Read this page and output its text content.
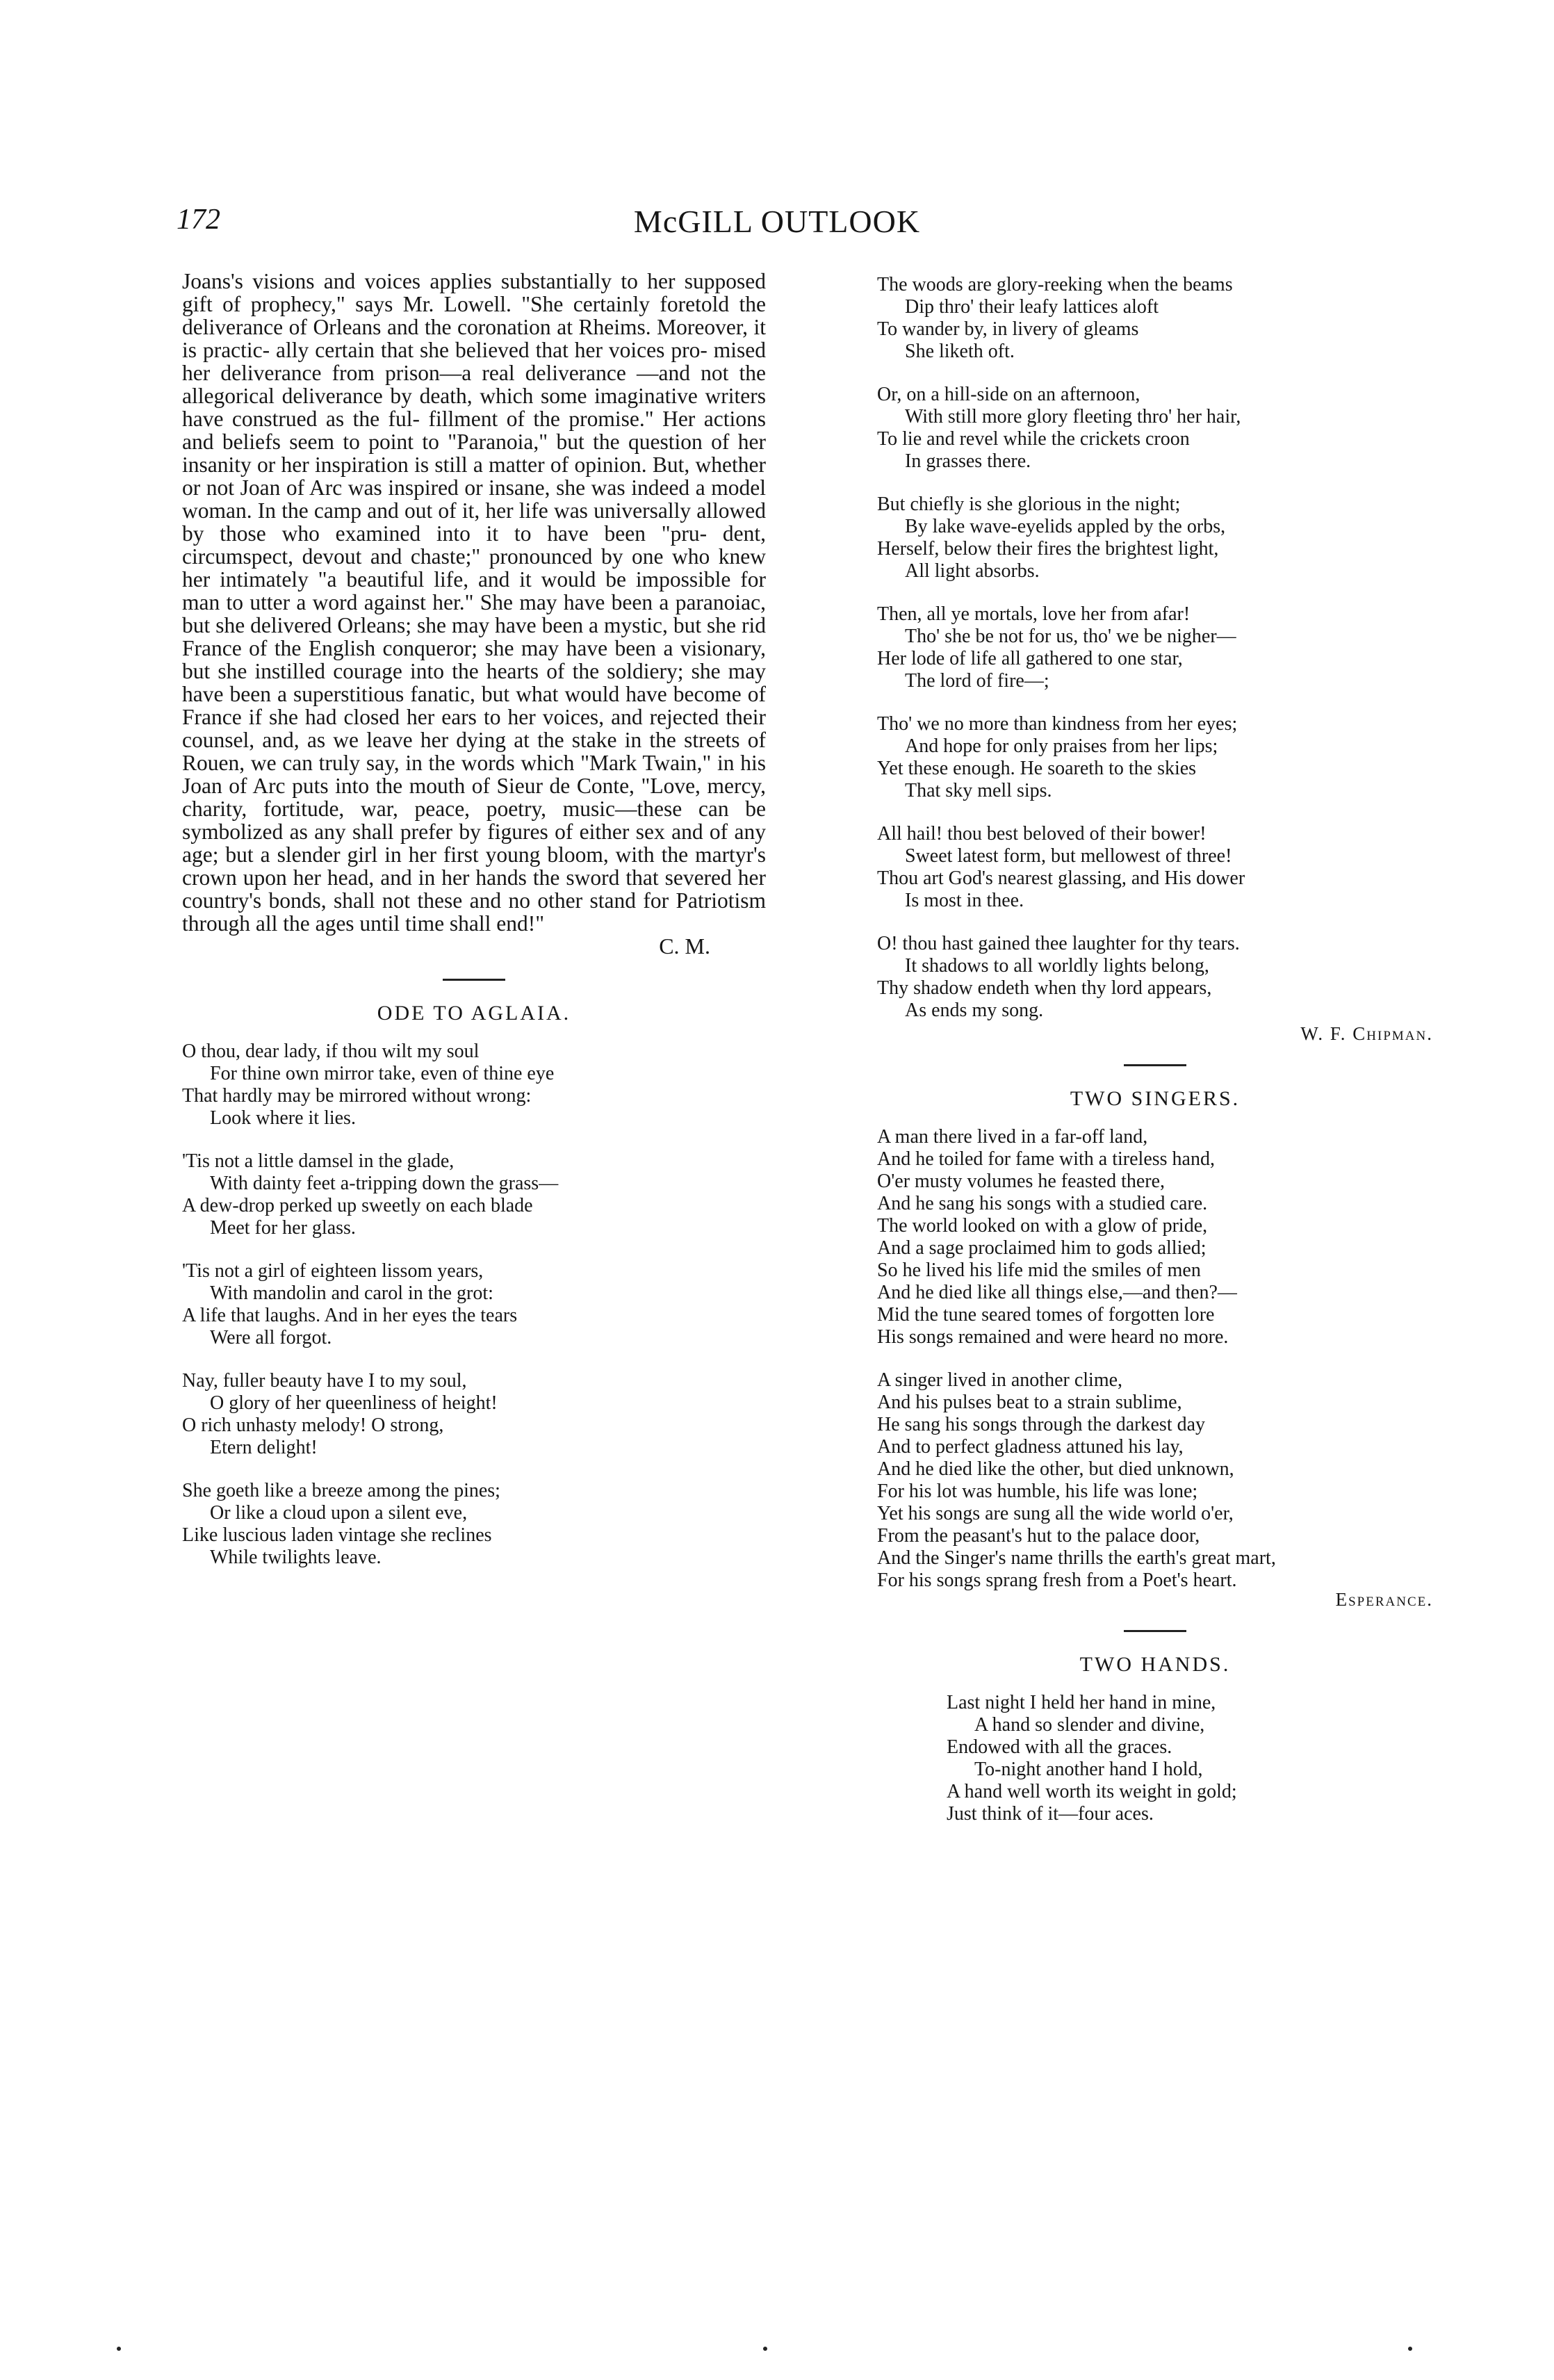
172	McGILL OUTLOOK

Joans's visions and voices applies substantially to her supposed gift of prophecy," says Mr. Lowell. "She certainly foretold the deliverance of Orleans and the coronation at Rheims. Moreover, it is practic- ally certain that she believed that her voices pro- mised her deliverance from prison—a real deliverance —and not the allegorical deliverance by death, which some imaginative writers have construed as the ful- fillment of the promise." Her actions and beliefs seem to point to "Paranoia," but the question of her insanity or her inspiration is still a matter of opinion. But, whether or not Joan of Arc was inspired or insane, she was indeed a model woman. In the camp and out of it, her life was universally allowed by those who examined into it to have been "pru- dent, circumspect, devout and chaste;" pronounced by one who knew her intimately "a beautiful life, and it would be impossible for man to utter a word against her." She may have been a paranoiac, but she delivered Orleans; she may have been a mystic, but she rid France of the English conqueror; she may have been a visionary, but she instilled courage into the hearts of the soldiery; she may have been a superstitious fanatic, but what would have become of France if she had closed her ears to her voices, and rejected their counsel, and, as we leave her dying at the stake in the streets of Rouen, we can truly say, in the words which "Mark Twain," in his Joan of Arc puts into the mouth of Sieur de Conte, "Love, mercy, charity, fortitude, war, peace, poetry, music—these can be symbolized as any shall prefer by figures of either sex and of any age; but a slender girl in her first young bloom, with the martyr's crown upon her head, and in her hands the sword that severed her country's bonds, shall not these and no other stand for Patriotism through all the ages until time shall end!"

C. M.
ODE TO AGLAIA.
O thou, dear lady, if thou wilt my soul
For thine own mirror take, even of thine eye
That hardly may be mirrored without wrong:
Look where it lies.
'Tis not a little damsel in the glade,
With dainty feet a-tripping down the grass—
A dew-drop perked up sweetly on each blade
Meet for her glass.
'Tis not a girl of eighteen lissom years,
With mandolin and carol in the grot:
A life that laughs. And in her eyes the tears
Were all forgot.
Nay, fuller beauty have I to my soul,
O glory of her queenliness of height!
O rich unhasty melody! O strong,
Etern delight!
She goeth like a breeze among the pines;
Or like a cloud upon a silent eve,
Like luscious laden vintage she reclines
While twilights leave.
The woods are glory-reeking when the beams
Dip thro' their leafy lattices aloft
To wander by, in livery of gleams
She liketh oft.
Or, on a hill-side on an afternoon,
With still more glory fleeting thro' her hair,
To lie and revel while the crickets croon
In grasses there.
But chiefly is she glorious in the night;
By lake wave-eyelids appled by the orbs,
Herself, below their fires the brightest light,
All light absorbs.
Then, all ye mortals, love her from afar!
Tho' she be not for us, tho' we be nigher—
Her lode of life all gathered to one star,
The lord of fire—;
Tho' we no more than kindness from her eyes;
And hope for only praises from her lips;
Yet these enough. He soareth to the skies
That sky mell sips.
All hail! thou best beloved of their bower!
Sweet latest form, but mellowest of three!
Thou art God's nearest glassing, and His dower
Is most in thee.
O! thou hast gained thee laughter for thy tears.
It shadows to all worldly lights belong,
Thy shadow endeth when thy lord appears,
As ends my song.
W. F. Chipman.
TWO SINGERS.
A man there lived in a far-off land,
And he toiled for fame with a tireless hand,
O'er musty volumes he feasted there,
And he sang his songs with a studied care.
The world looked on with a glow of pride,
And a sage proclaimed him to gods allied;
So he lived his life mid the smiles of men
And he died like all things else,—and then?—
Mid the tune seared tomes of forgotten lore
His songs remained and were heard no more.
A singer lived in another clime,
And his pulses beat to a strain sublime,
He sang his songs through the darkest day
And to perfect gladness attuned his lay,
And he died like the other, but died unknown,
For his lot was humble, his life was lone;
Yet his songs are sung all the wide world o'er,
From the peasant's hut to the palace door,
And the Singer's name thrills the earth's great mart,
For his songs sprang fresh from a Poet's heart.
Esperance.
TWO HANDS.
Last night I held her hand in mine,
A hand so slender and divine,
Endowed with all the graces.
To-night another hand I hold,
A hand well worth its weight in gold;
Just think of it—four aces.
